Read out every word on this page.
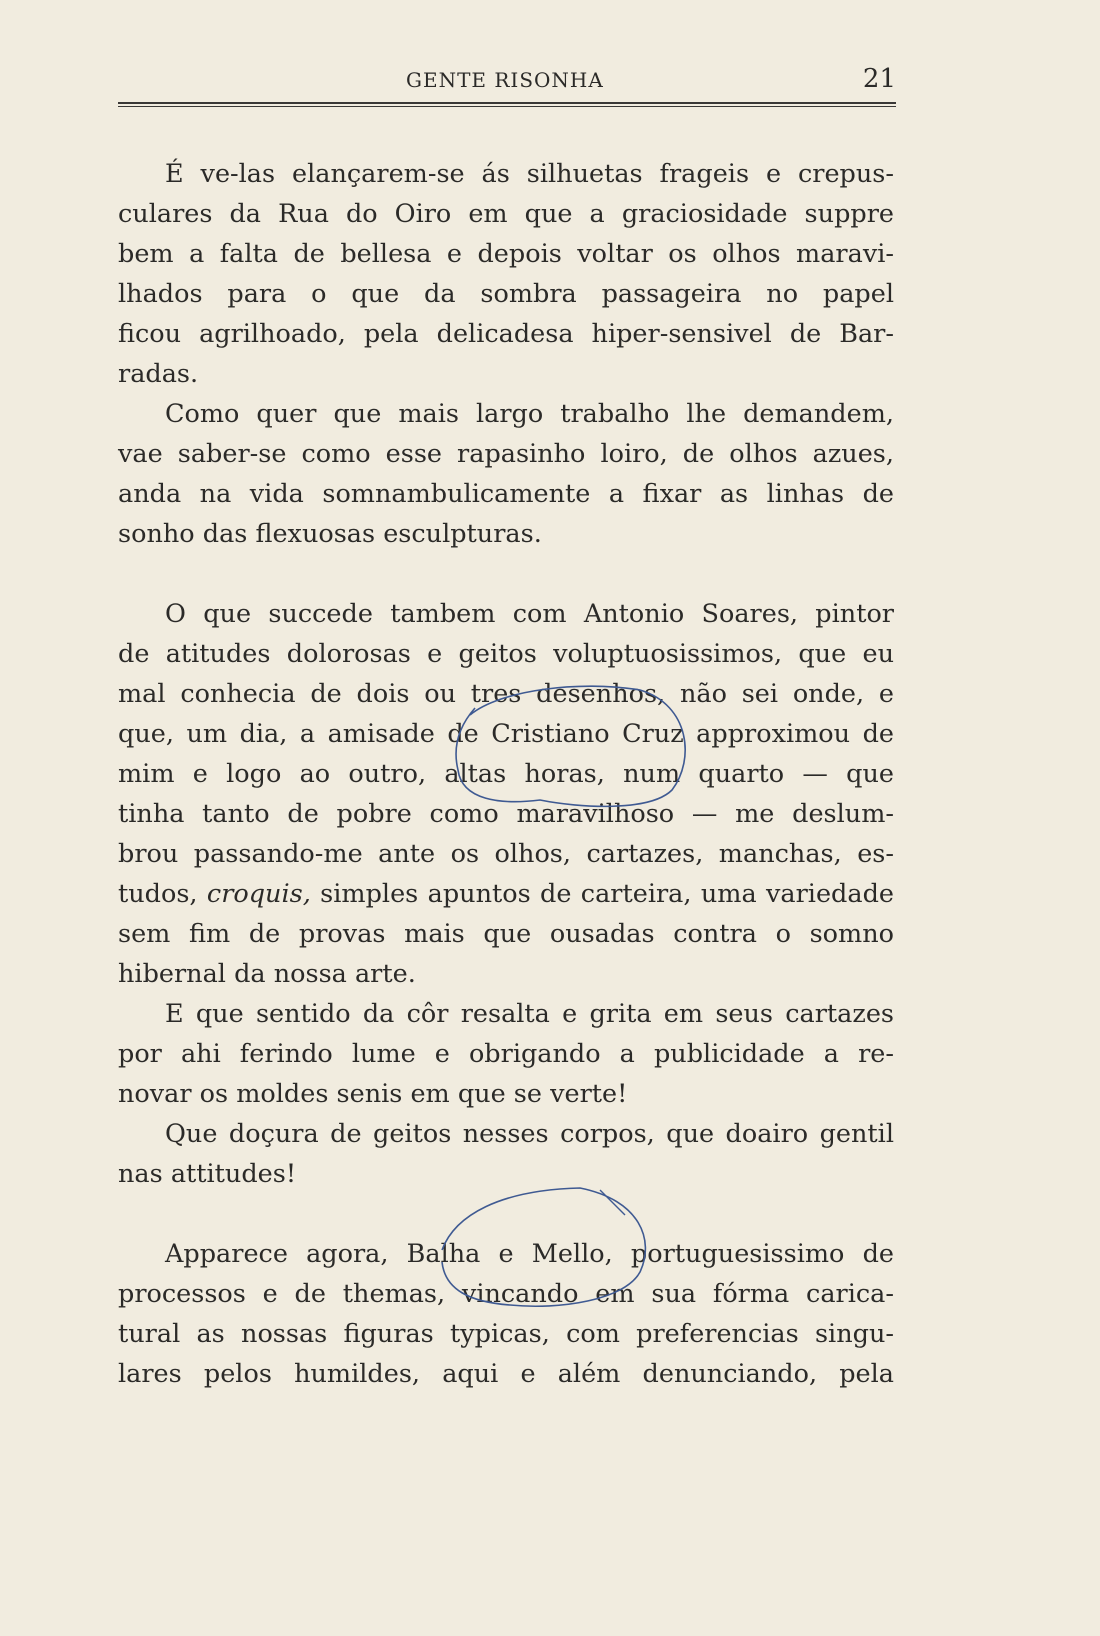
GENTE RISONHA	21
É ve-las elançarem-se ás silhuetas frageis e crepus-
culares da Rua do Oiro em que a graciosidade suppre
bem a falta de bellesa e depois voltar os olhos maravi-
lhados para o que da sombra passageira no papel
ficou agrilhoado, pela delicadesa hiper-sensivel de Bar-
radas.
Como quer que mais largo trabalho lhe demandem,
vae saber-se como esse rapasinho loiro, de olhos azues,
anda na vida somnambulicamente a fixar as linhas de
sonho das flexuosas esculpturas.
O que succede tambem com Antonio Soares, pintor
de atitudes dolorosas e geitos voluptuosissimos, que eu
mal conhecia de dois ou tres desenhos, não sei onde, e
que, um dia, a amisade de Cristiano Cruz approximou de
mim e logo ao outro, altas horas, num quarto — que
tinha tanto de pobre como maravilhoso — me deslum-
brou passando-me ante os olhos, cartazes, manchas, es-
tudos, croquis, simples apuntos de carteira, uma variedade
sem fim de provas mais que ousadas contra o somno
hibernal da nossa arte.
E que sentido da côr resalta e grita em seus cartazes
por ahi ferindo lume e obrigando a publicidade a re-
novar os moldes senis em que se verte!
Que doçura de geitos nesses corpos, que doairo gentil
nas attitudes!
Apparece agora, Balha e Mello, portuguesissimo de
processos e de themas, vincando em sua fórma carica-
tural as nossas figuras typicas, com preferencias singu-
lares pelos humildes, aqui e além denunciando, pela
